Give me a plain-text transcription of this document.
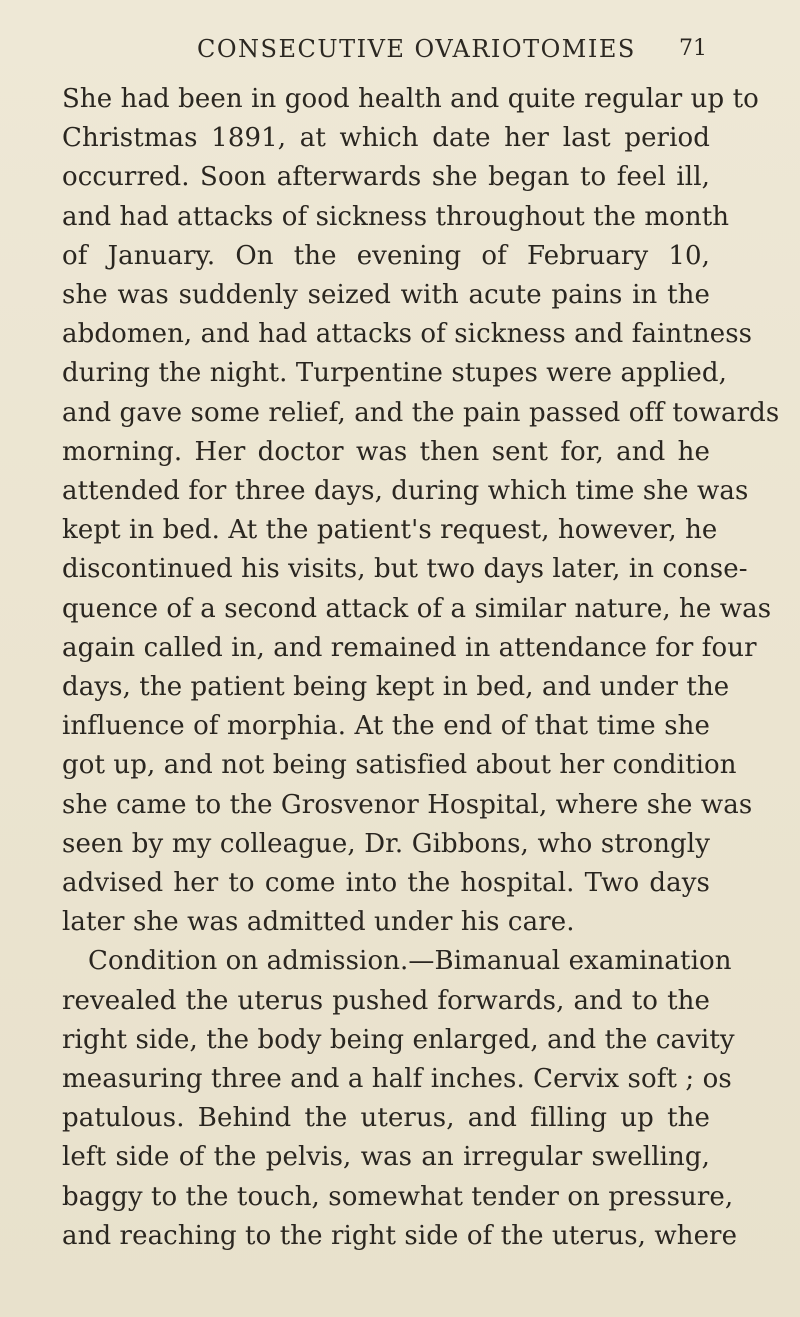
CONSECUTIVE OVARIOTOMIES 71
She had been in good health and quite regular up to
Christmas 1891, at which date her last period
occurred. Soon afterwards she began to feel ill,
and had attacks of sickness throughout the month
of January. On the evening of February 10,
she was suddenly seized with acute pains in the
abdomen, and had attacks of sickness and faintness
during the night. Turpentine stupes were applied,
and gave some relief, and the pain passed off towards
morning. Her doctor was then sent for, and he
attended for three days, during which time she was
kept in bed. At the patient's request, however, he
discontinued his visits, but two days later, in conse-
quence of a second attack of a similar nature, he was
again called in, and remained in attendance for four
days, the patient being kept in bed, and under the
influence of morphia. At the end of that time she
got up, and not being satisfied about her condition
she came to the Grosvenor Hospital, where she was
seen by my colleague, Dr. Gibbons, who strongly
advised her to come into the hospital. Two days
later she was admitted under his care.
Condition on admission.—Bimanual examination
revealed the uterus pushed forwards, and to the
right side, the body being enlarged, and the cavity
measuring three and a half inches. Cervix soft ; os
patulous. Behind the uterus, and filling up the
left side of the pelvis, was an irregular swelling,
baggy to the touch, somewhat tender on pressure,
and reaching to the right side of the uterus, where
